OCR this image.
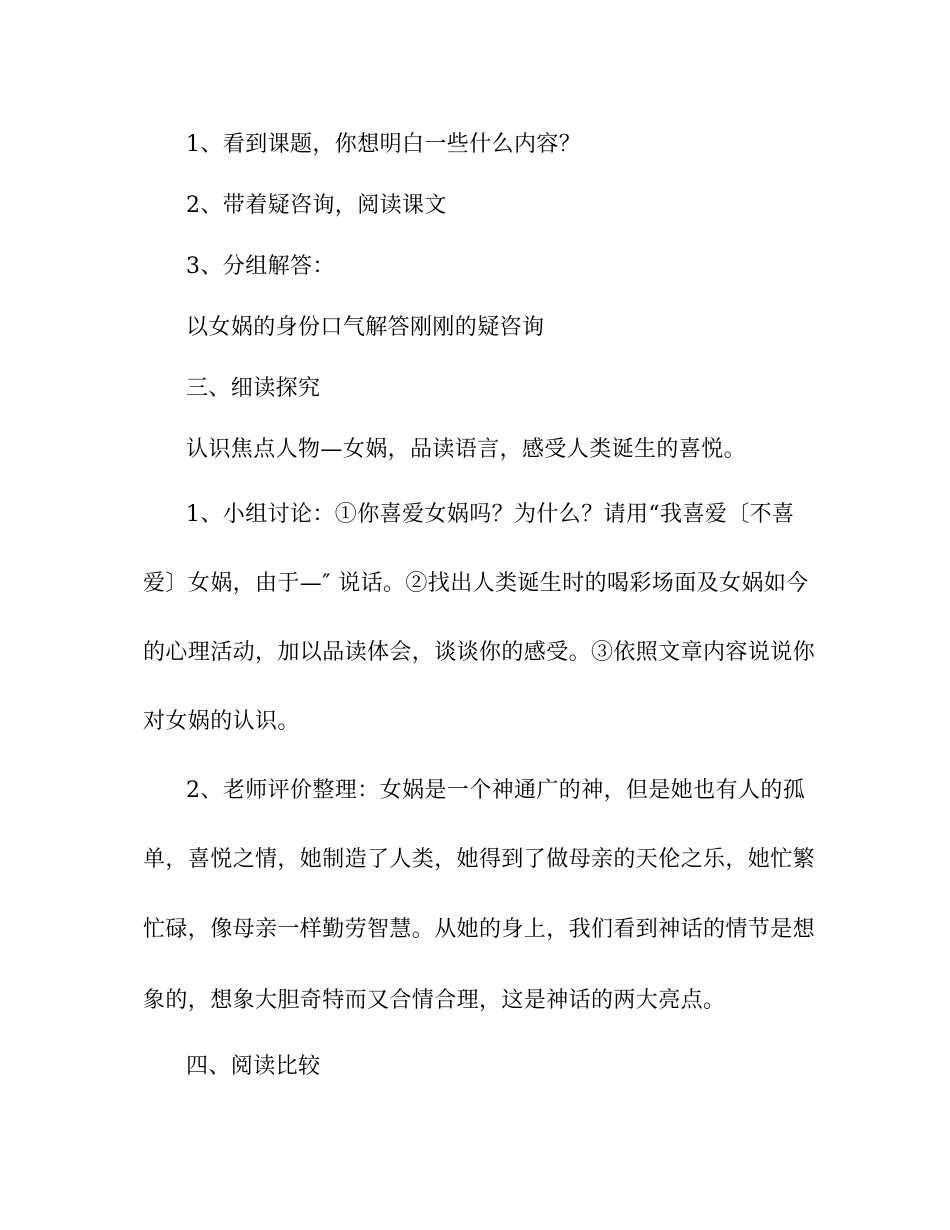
1、看到课题，你想明白一些什么内容？
2、带着疑咨询，阅读课文
3、分组解答：
以女娲的身份口气解答刚刚的疑咨询
三、细读探究
认识焦点人物—女娲，品读语言，感受人类诞生的喜悦。
1、小组讨论：①你喜爱女娲吗？为什么？请用“我喜爱〔不喜
爱〕女娲，由于—″ 说话。②找出人类诞生时的喝彩场面及女娲如今
的心理活动，加以品读体会，谈谈你的感受。③依照文章内容说说你
对女娲的认识。
2、老师评价整理：女娲是一个神通广的神，但是她也有人的孤
单，喜悦之情，她制造了人类，她得到了做母亲的天伦之乐，她忙繁
忙碌，像母亲一样勤劳智慧。从她的身上，我们看到神话的情节是想
象的，想象大胆奇特而又合情合理，这是神话的两大亮点。
四、阅读比较
